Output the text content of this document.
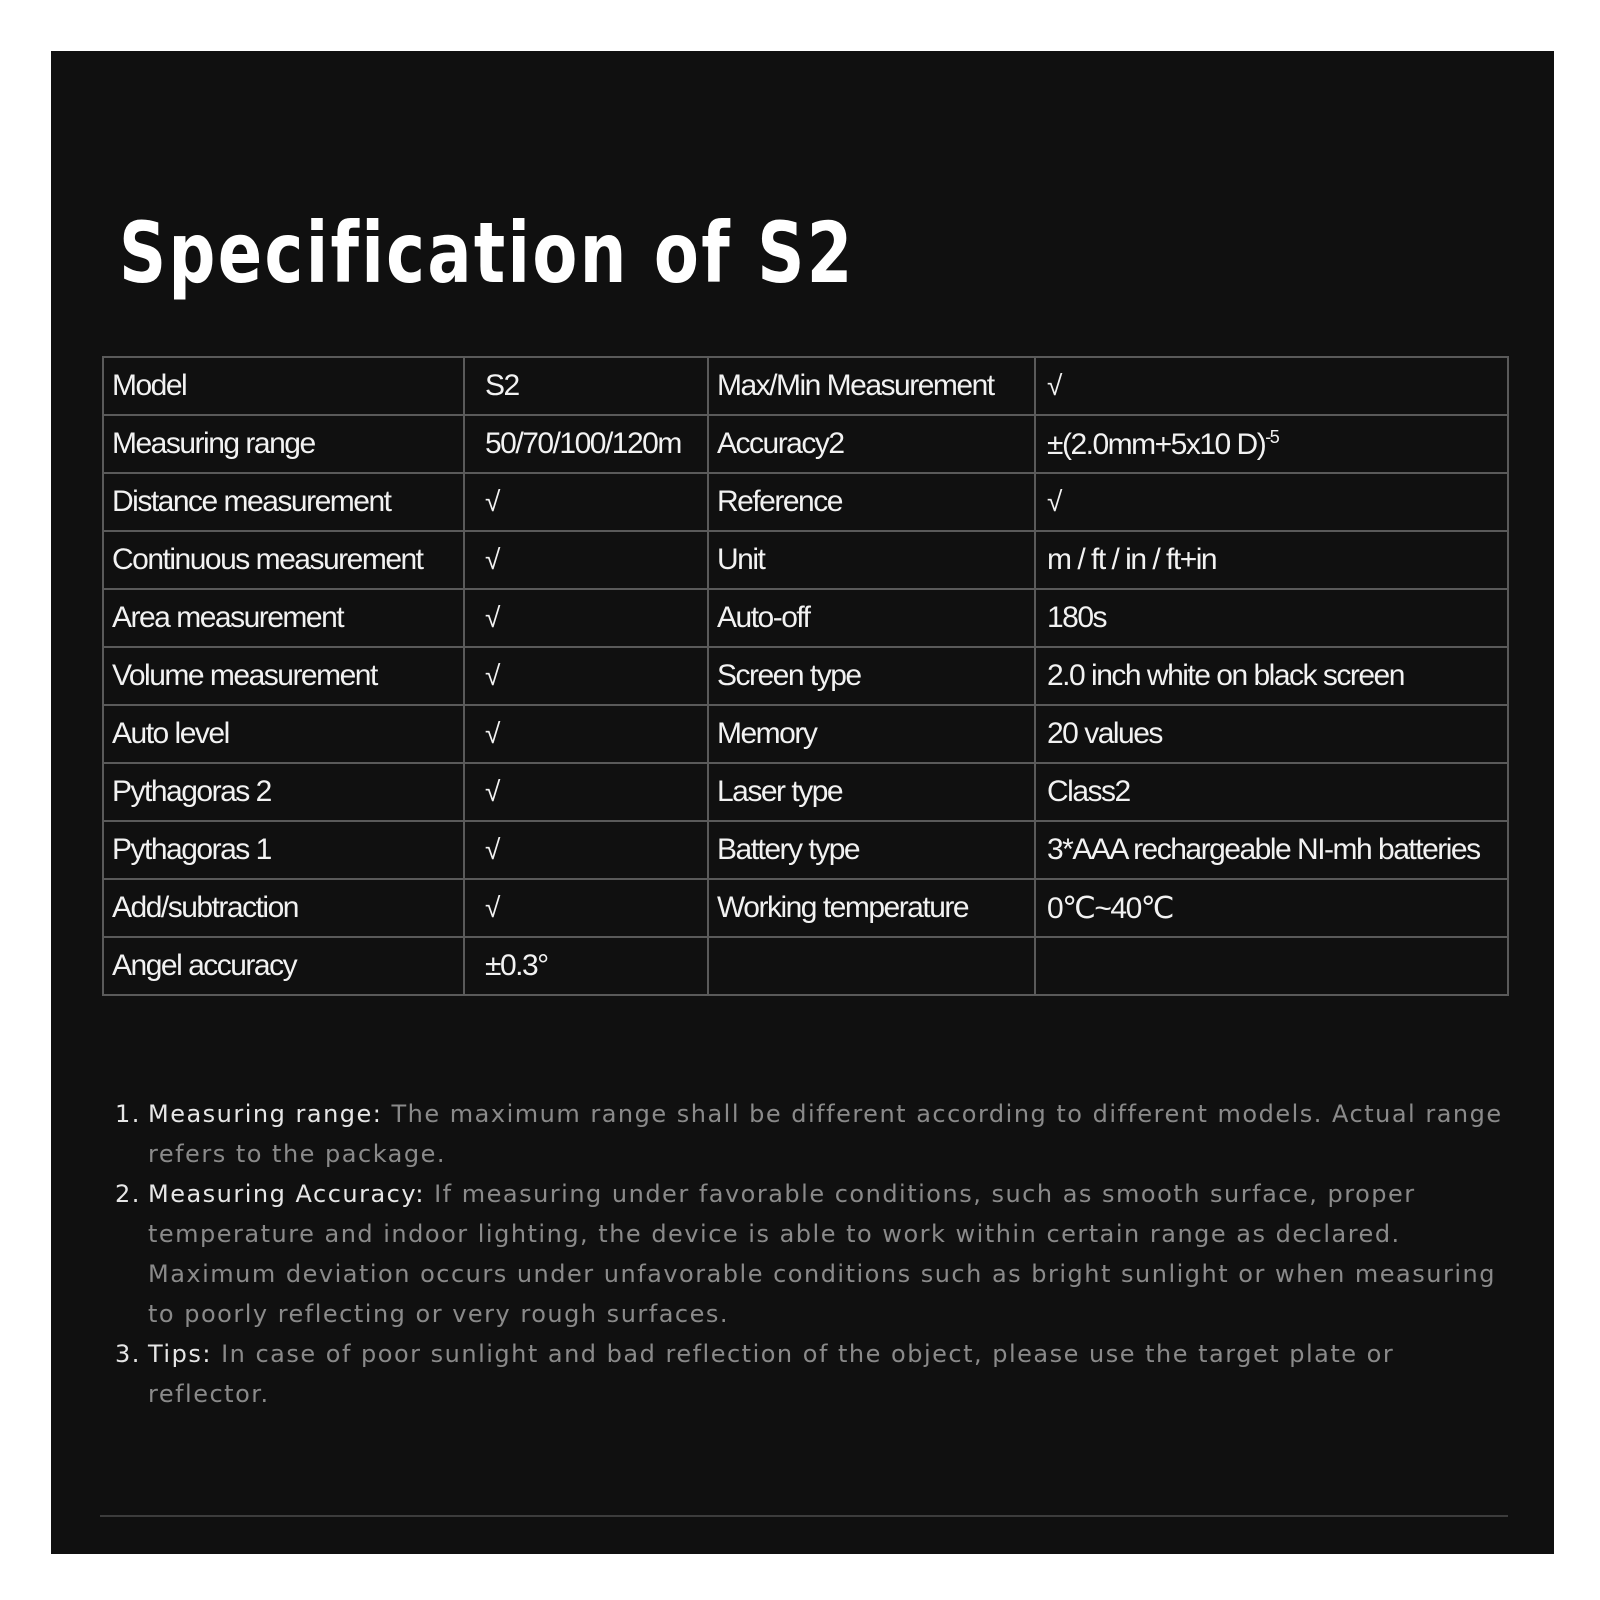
Specification of S2
Model	S2	Max/Min Measurement	√
Measuring range	50/70/100/120m	Accuracy2	±(2.0mm+5x10 D)$^{-5}$
Distance measurement	√	Reference	√
Continuous measurement	√	Unit	m / ft / in / ft+in
Area measurement	√	Auto-off	180s
Volume measurement	√	Screen type	2.0 inch white on black screen
Auto level	√	Memory	20 values
Pythagoras 2	√	Laser type	Class2
Pythagoras 1	√	Battery type	3*AAA rechargeable NI-mh batteries
Add/subtraction	√	Working temperature	0℃~40℃
Angel accuracy	±0.3°		
1. Measuring range: The maximum range shall be different according to different models. Actual range refers to the package.
2. Measuring Accuracy: If measuring under favorable conditions, such as smooth surface, proper temperature and indoor lighting, the device is able to work within certain range as declared. Maximum deviation occurs under unfavorable conditions such as bright sunlight or when measuring to poorly reflecting or very rough surfaces.
3. Tips: In case of poor sunlight and bad reflection of the object, please use the target plate or reflector.
